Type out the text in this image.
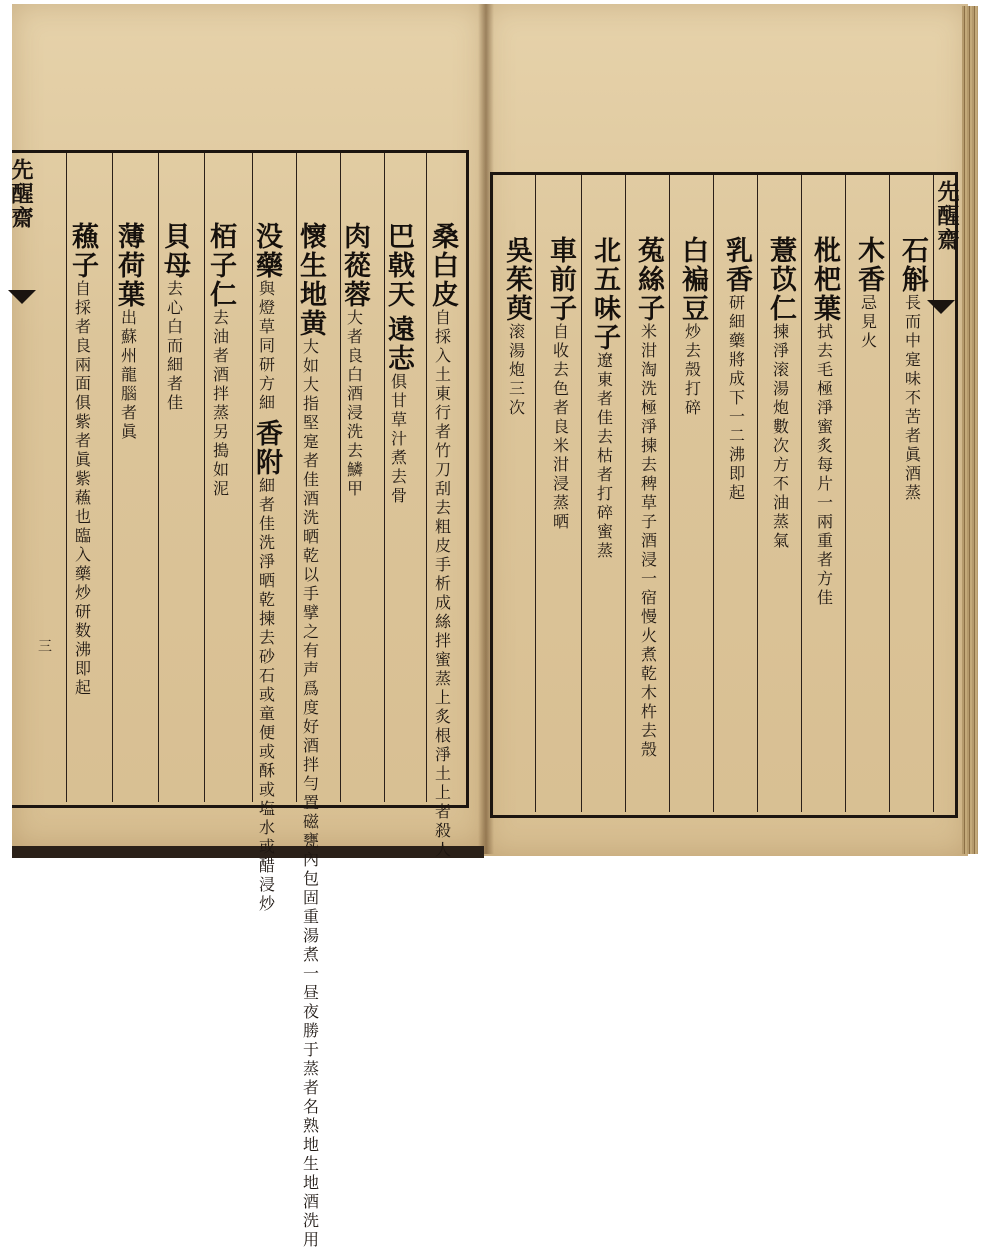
先醒齋
石斛
長而中寔味不苦者眞酒蒸
木香
忌見火
枇杷葉
拭去毛極淨蜜炙每片一兩重者方佳
薏苡仁
揀淨滚湯炮數次方不油蒸氣
乳香
研細藥將成下一二沸即起
白褊豆
炒去殼打碎
菟絲子
米泔淘洗極淨揀去稗草子酒浸一宿慢火煮乾木杵去殼
北五味子
遼東者佳去枯者打碎蜜蒸
車前子
自收去色者良米泔浸蒸晒
吳茱萸
滚湯炮三次
先醒齋
三
桑白皮
自採入土東行者竹刀刮去粗皮手析成絲拌蜜蒸上炙根淨土上者殺人
巴戟天
遠志
俱甘草汁煮去骨
肉蓯蓉
大者良白酒浸洗去鱗甲
懷生地黄
大如大指堅寔者佳酒洗晒乾以手擘之有声爲度好酒拌勻置磁甕內包固重湯煮一昼夜勝于蒸者名熟地生地酒洗用
没藥
與燈草同研方細
香附
細者佳洗淨晒乾揀去砂石或童便或酥或塩水或醋浸炒
栢子仁
去油者酒拌蒸另搗如泥
貝母
去心白而細者佳
薄荷葉
出蘇州龍腦者眞
蘓子
自採者良兩面俱紫者眞紫蘓也臨入藥炒研数沸即起
